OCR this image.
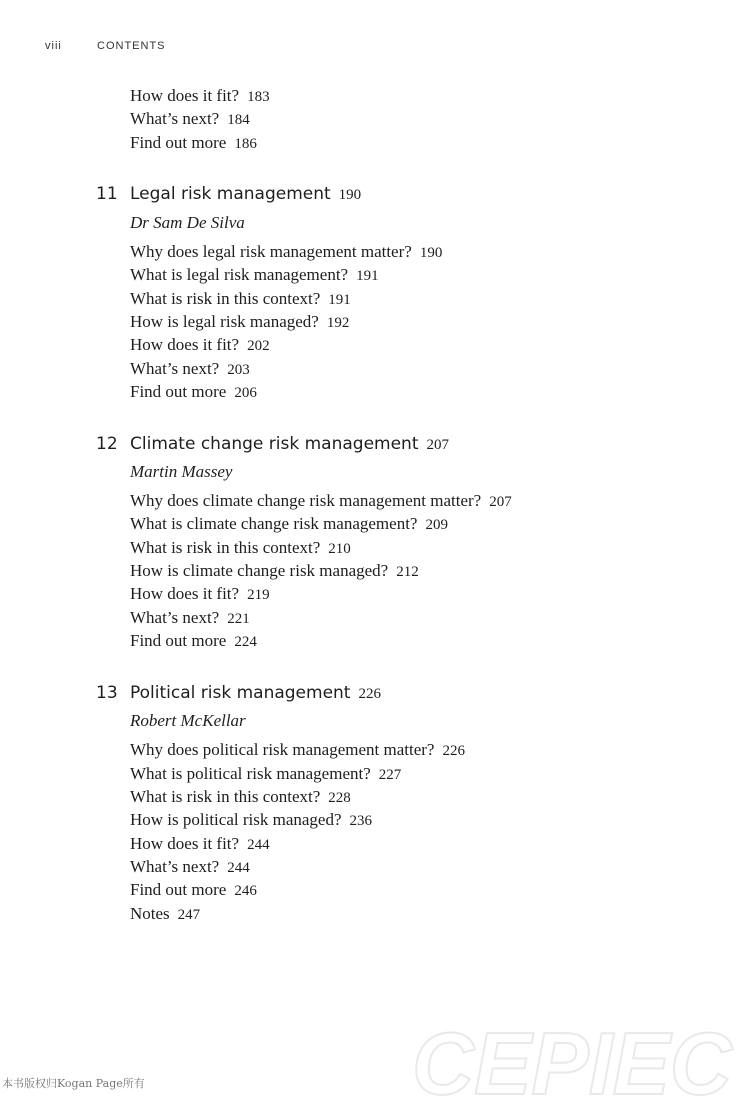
viii	CONTENTS
How does it fit? 183
What’s next? 184
Find out more 186
11 Legal risk management 190
Dr Sam De Silva
Why does legal risk management matter? 190
What is legal risk management? 191
What is risk in this context? 191
How is legal risk managed? 192
How does it fit? 202
What’s next? 203
Find out more 206
12 Climate change risk management 207
Martin Massey
Why does climate change risk management matter? 207
What is climate change risk management? 209
What is risk in this context? 210
How is climate change risk managed? 212
How does it fit? 219
What’s next? 221
Find out more 224
13 Political risk management 226
Robert McKellar
Why does political risk management matter? 226
What is political risk management? 227
What is risk in this context? 228
How is political risk managed? 236
How does it fit? 244
What’s next? 244
Find out more 246
Notes 247
本书版权归Kogan Page所有	CEPIEC
